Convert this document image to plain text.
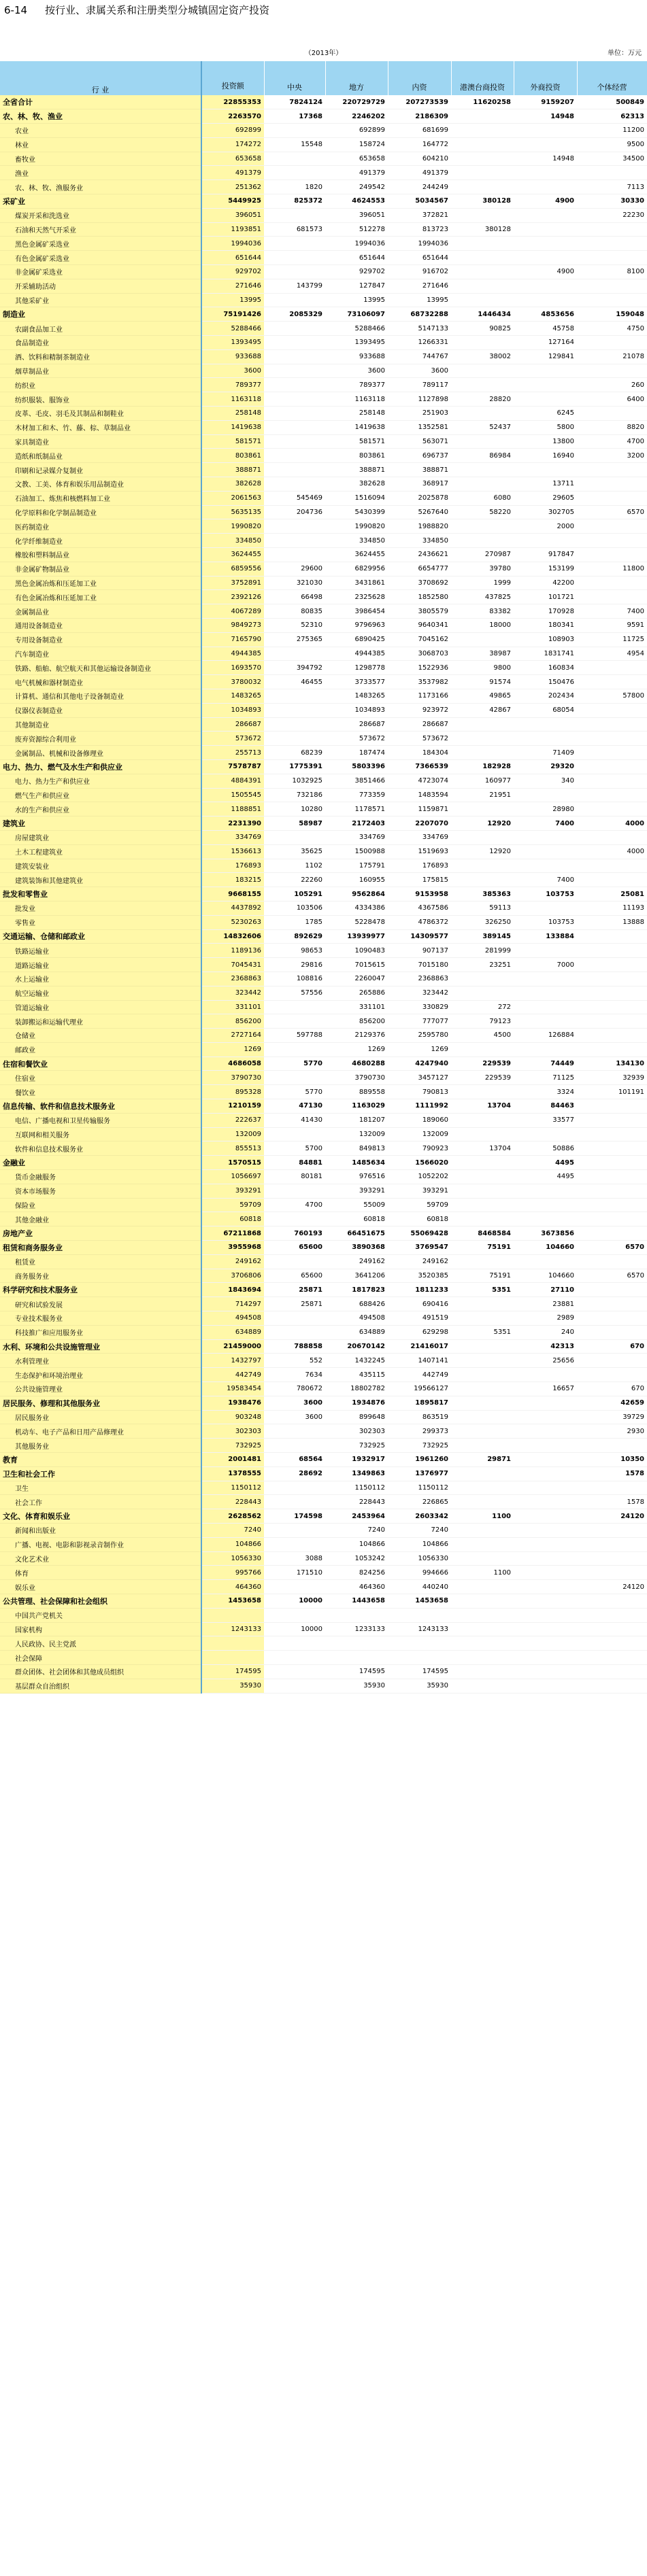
6-14 按行业、隶属关系和注册类型分城镇固定资产投资
（2013年）	单位：万元
行 业	投资额						
		中央	地方	内资	港澳台商投资	外商投资	个体经营
全省合计	22855353	7824124	220729729	207273539	11620258	9159207	500849
农、林、牧、渔业	2263570	17368	2246202	2186309		14948	62313
农业	692899		692899	681699			11200
林业	174272	15548	158724	164772			9500
畜牧业	653658		653658	604210		14948	34500
渔业	491379		491379	491379			
农、林、牧、渔服务业	251362	1820	249542	244249			7113
采矿业	5449925	825372	4624553	5034567	380128	4900	30330
煤炭开采和洗选业	396051		396051	372821			22230
石油和天然气开采业	1193851	681573	512278	813723	380128		
黑色金属矿采选业	1994036		1994036	1994036			
有色金属矿采选业	651644		651644	651644			
非金属矿采选业	929702		929702	916702		4900	8100
开采辅助活动	271646	143799	127847	271646			
其他采矿业	13995		13995	13995			
制造业	75191426	2085329	73106097	68732288	1446434	4853656	159048
农副食品加工业	5288466		5288466	5147133	90825	45758	4750
食品制造业	1393495		1393495	1266331		127164	
酒、饮料和精制茶制造业	933688		933688	744767	38002	129841	21078
烟草制品业	3600		3600	3600			
纺织业	789377		789377	789117			260
纺织服装、服饰业	1163118		1163118	1127898	28820		6400
皮革、毛皮、羽毛及其制品和制鞋业	258148		258148	251903		6245	
木材加工和木、竹、藤、棕、草制品业	1419638		1419638	1352581	52437	5800	8820
家具制造业	581571		581571	563071		13800	4700
造纸和纸制品业	803861		803861	696737	86984	16940	3200
印刷和记录媒介复制业	388871		388871	388871			
文教、工美、体育和娱乐用品制造业	382628		382628	368917		13711	
石油加工、炼焦和核燃料加工业	2061563	545469	1516094	2025878	6080	29605	
化学原料和化学制品制造业	5635135	204736	5430399	5267640	58220	302705	6570
医药制造业	1990820		1990820	1988820		2000	
化学纤维制造业	334850		334850	334850			
橡胶和塑料制品业	3624455		3624455	2436621	270987	917847	
非金属矿物制品业	6859556	29600	6829956	6654777	39780	153199	11800
黑色金属冶炼和压延加工业	3752891	321030	3431861	3708692	1999	42200	
有色金属冶炼和压延加工业	2392126	66498	2325628	1852580	437825	101721	
金属制品业	4067289	80835	3986454	3805579	83382	170928	7400
通用设备制造业	9849273	52310	9796963	9640341	18000	180341	9591
专用设备制造业	7165790	275365	6890425	7045162		108903	11725
汽车制造业	4944385		4944385	3068703	38987	1831741	4954
铁路、船舶、航空航天和其他运输设备制造业	1693570	394792	1298778	1522936	9800	160834	
电气机械和器材制造业	3780032	46455	3733577	3537982	91574	150476	
计算机、通信和其他电子设备制造业	1483265		1483265	1173166	49865	202434	57800
仪器仪表制造业	1034893		1034893	923972	42867	68054	
其他制造业	286687		286687	286687			
废弃资源综合利用业	573672		573672	573672			
金属制品、机械和设备修理业	255713	68239	187474	184304		71409	
电力、热力、燃气及水生产和供应业	7578787	1775391	5803396	7366539	182928	29320	
电力、热力生产和供应业	4884391	1032925	3851466	4723074	160977	340	
燃气生产和供应业	1505545	732186	773359	1483594	21951		
水的生产和供应业	1188851	10280	1178571	1159871		28980	
建筑业	2231390	58987	2172403	2207070	12920	7400	4000
房屋建筑业	334769		334769	334769			
土木工程建筑业	1536613	35625	1500988	1519693	12920		4000
建筑安装业	176893	1102	175791	176893			
建筑装饰和其他建筑业	183215	22260	160955	175815		7400	
批发和零售业	9668155	105291	9562864	9153958	385363	103753	25081
批发业	4437892	103506	4334386	4367586	59113		11193
零售业	5230263	1785	5228478	4786372	326250	103753	13888
交通运输、仓储和邮政业	14832606	892629	13939977	14309577	389145	133884	
铁路运输业	1189136	98653	1090483	907137	281999		
道路运输业	7045431	29816	7015615	7015180	23251	7000	
水上运输业	2368863	108816	2260047	2368863			
航空运输业	323442	57556	265886	323442			
管道运输业	331101		331101	330829	272		
装卸搬运和运输代理业	856200		856200	777077	79123		
仓储业	2727164	597788	2129376	2595780	4500	126884	
邮政业	1269		1269	1269			
住宿和餐饮业	4686058	5770	4680288	4247940	229539	74449	134130
住宿业	3790730		3790730	3457127	229539	71125	32939
餐饮业	895328	5770	889558	790813		3324	101191
信息传输、软件和信息技术服务业	1210159	47130	1163029	1111992	13704	84463	
电信、广播电视和卫星传输服务	222637	41430	181207	189060		33577	
互联网和相关服务	132009		132009	132009			
软件和信息技术服务业	855513	5700	849813	790923	13704	50886	
金融业	1570515	84881	1485634	1566020		4495	
货币金融服务	1056697	80181	976516	1052202		4495	
资本市场服务	393291		393291	393291			
保险业	59709	4700	55009	59709			
其他金融业	60818		60818	60818			
房地产业	67211868	760193	66451675	55069428	8468584	3673856	
租赁和商务服务业	3955968	65600	3890368	3769547	75191	104660	6570
租赁业	249162		249162	249162			
商务服务业	3706806	65600	3641206	3520385	75191	104660	6570
科学研究和技术服务业	1843694	25871	1817823	1811233	5351	27110	
研究和试验发展	714297	25871	688426	690416		23881	
专业技术服务业	494508		494508	491519		2989	
科技推广和应用服务业	634889		634889	629298	5351	240	
水利、环境和公共设施管理业	21459000	788858	20670142	21416017		42313	670
水利管理业	1432797	552	1432245	1407141		25656	
生态保护和环境治理业	442749	7634	435115	442749			
公共设施管理业	19583454	780672	18802782	19566127		16657	670
居民服务、修理和其他服务业	1938476	3600	1934876	1895817			42659
居民服务业	903248	3600	899648	863519			39729
机动车、电子产品和日用产品修理业	302303		302303	299373			2930
其他服务业	732925		732925	732925			
教育	2001481	68564	1932917	1961260	29871		10350
卫生和社会工作	1378555	28692	1349863	1376977			1578
卫生	1150112		1150112	1150112			
社会工作	228443		228443	226865			1578
文化、体育和娱乐业	2628562	174598	2453964	2603342	1100		24120
新闻和出版业	7240		7240	7240			
广播、电视、电影和影视录音制作业	104866		104866	104866			
文化艺术业	1056330	3088	1053242	1056330			
体育	995766	171510	824256	994666	1100		
娱乐业	464360		464360	440240			24120
公共管理、社会保障和社会组织	1453658	10000	1443658	1453658			
中国共产党机关							
国家机构	1243133	10000	1233133	1243133			
人民政协、民主党派							
社会保障							
群众团体、社会团体和其他成员组织	174595		174595	174595			
基层群众自治组织	35930		35930	35930			
